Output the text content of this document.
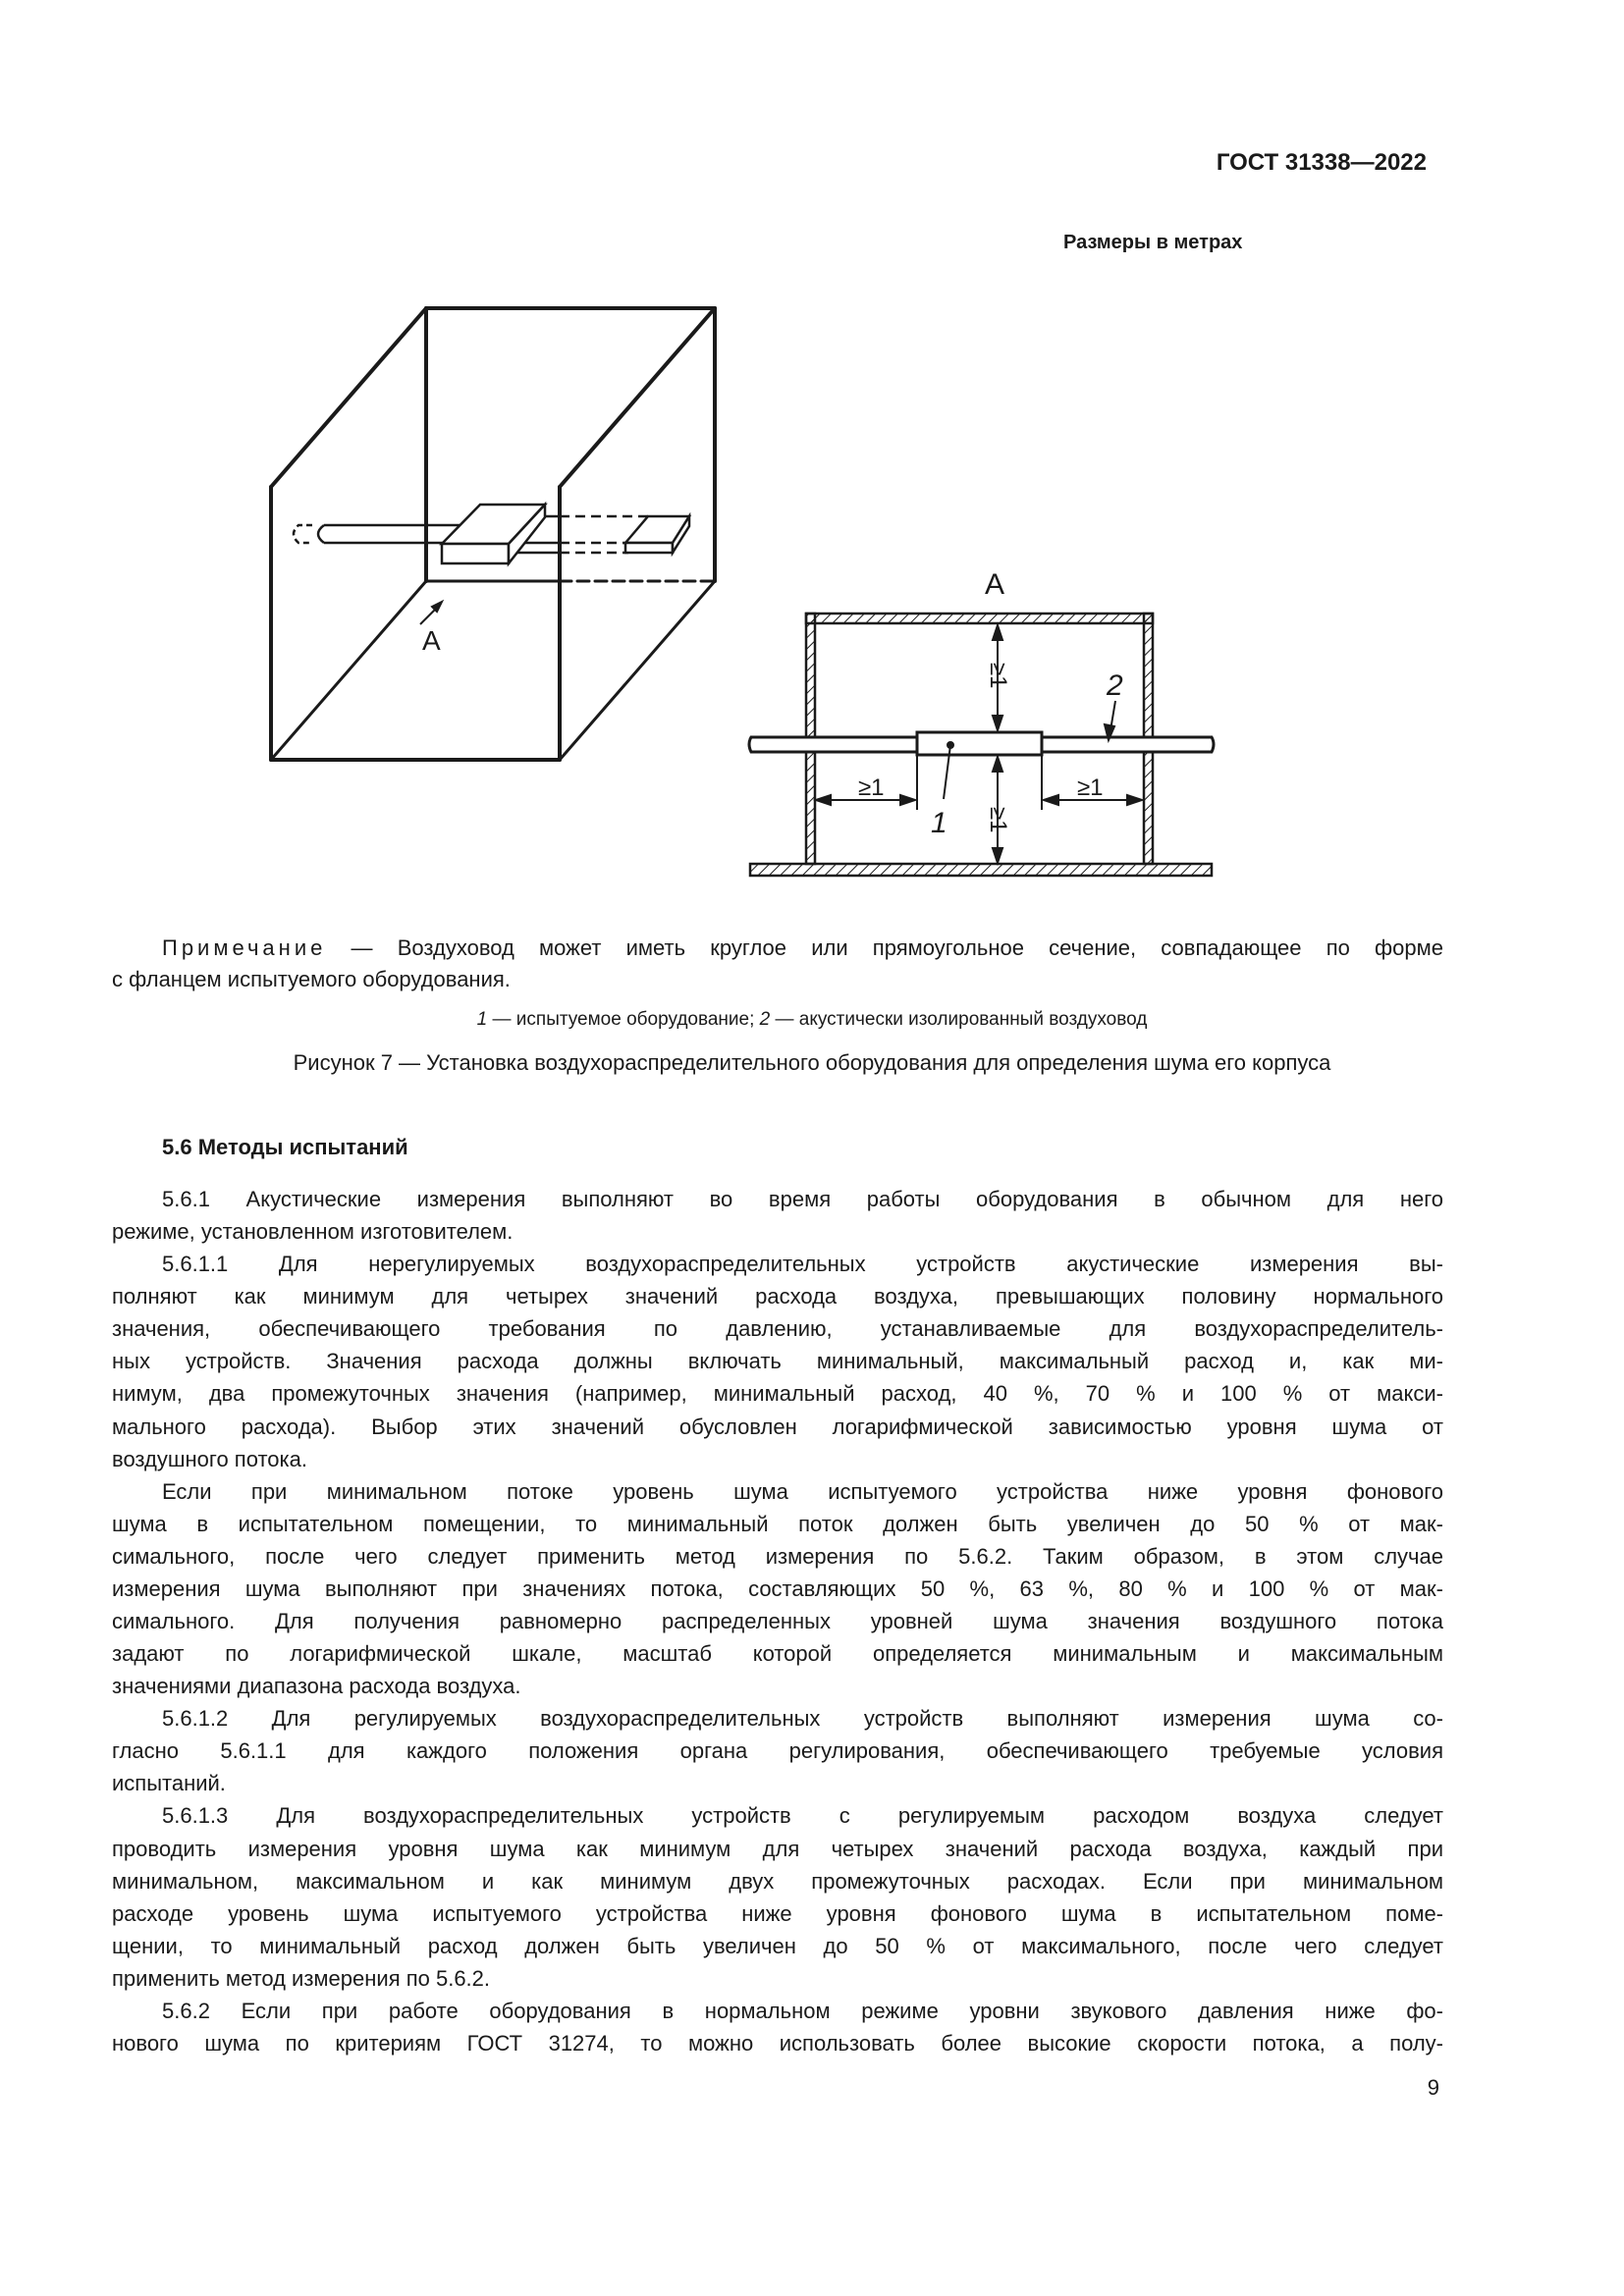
ГОСТ 31338—2022
Размеры в метрах
A
A
≥1	≥1
≥1
≥1
1
2
Примечание — Воздуховод может иметь круглое или прямоугольное сечение, совпадающее по форме
с фланцем испытуемого оборудования.
1 — испытуемое оборудование; 2 — акустически изолированный воздуховод
Рисунок 7 — Установка воздухораспределительного оборудования для определения шума его корпуса
5.6 Методы испытаний
5.6.1 Акустические измерения выполняют во время работы оборудования в обычном для него
режиме, установленном изготовителем.
5.6.1.1 Для нерегулируемых воздухораспределительных устройств акустические измерения вы-
полняют как минимум для четырех значений расхода воздуха, превышающих половину нормального
значения, обеспечивающего требования по давлению, устанавливаемые для воздухораспределитель-
ных устройств. Значения расхода должны включать минимальный, максимальный расход и, как ми-
нимум, два промежуточных значения (например, минимальный расход, 40 %, 70 % и 100 % от макси-
мального расхода). Выбор этих значений обусловлен логарифмической зависимостью уровня шума от
воздушного потока.
Если при минимальном потоке уровень шума испытуемого устройства ниже уровня фонового
шума в испытательном помещении, то минимальный поток должен быть увеличен до 50 % от мак-
симального, после чего следует применить метод измерения по 5.6.2. Таким образом, в этом случае
измерения шума выполняют при значениях потока, составляющих 50 %, 63 %, 80 % и 100 % от мак-
симального. Для получения равномерно распределенных уровней шума значения воздушного потока
задают по логарифмической шкале, масштаб которой определяется минимальным и максимальным
значениями диапазона расхода воздуха.
5.6.1.2 Для регулируемых воздухораспределительных устройств выполняют измерения шума со-
гласно 5.6.1.1 для каждого положения органа регулирования, обеспечивающего требуемые условия
испытаний.
5.6.1.3 Для воздухораспределительных устройств с регулируемым расходом воздуха следует
проводить измерения уровня шума как минимум для четырех значений расхода воздуха, каждый при
минимальном, максимальном и как минимум двух промежуточных расходах. Если при минимальном
расходе уровень шума испытуемого устройства ниже уровня фонового шума в испытательном поме-
щении, то минимальный расход должен быть увеличен до 50 % от максимального, после чего следует
применить метод измерения по 5.6.2.
5.6.2 Если при работе оборудования в нормальном режиме уровни звукового давления ниже фо-
нового шума по критериям ГОСТ 31274, то можно использовать более высокие скорости потока, а полу-
9
